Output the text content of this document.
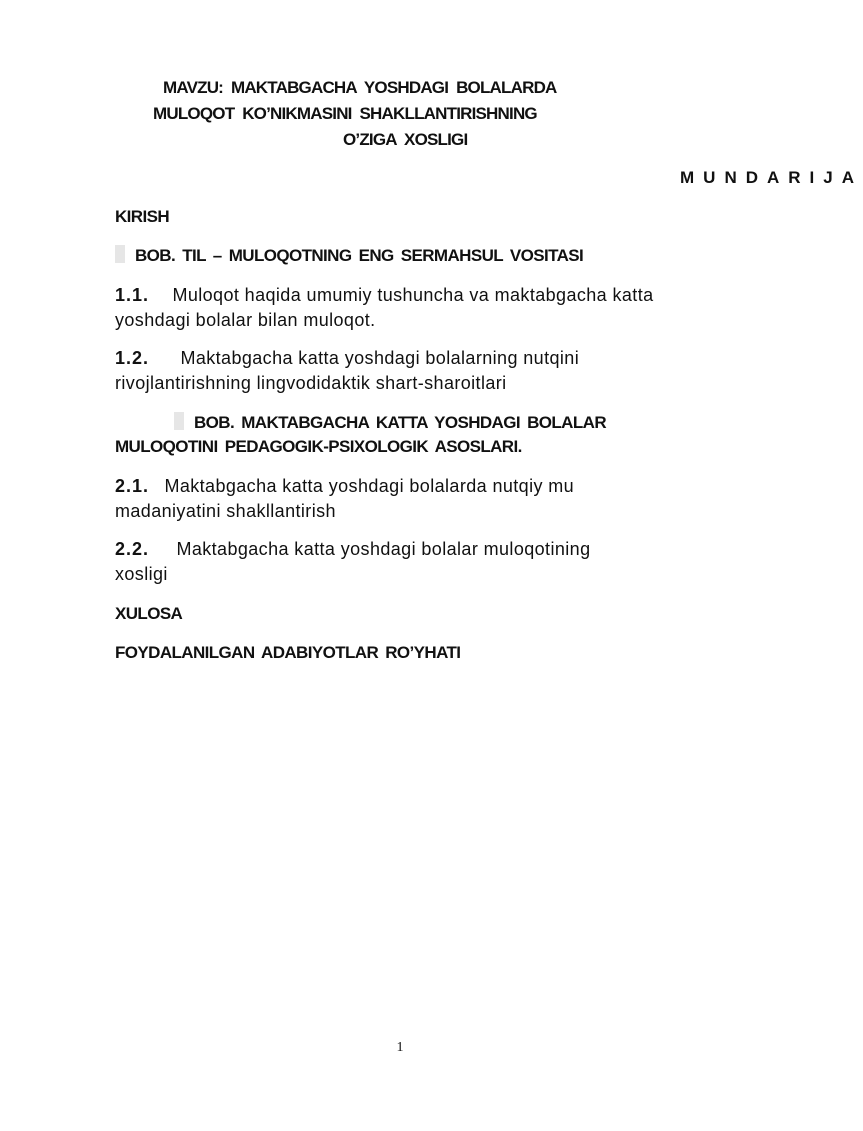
MAVZU: MAKTABGACHA YOSHDAGI BOLALARDA
MULOQOT KO’NIKMASINI SHAKLLANTIRISHNING
O’ZIGA XOSLIGI
MUNDARIJA
KIRISH
BOB. TIL – MULOQOTNING ENG SERMAHSUL VOSITASI
1.1. Muloqot haqida umumiy tushuncha va maktabgacha katta
yoshdagi bolalar bilan muloqot.
1.2. Maktabgacha katta yoshdagi bolalarning nutqini
rivojlantirishning lingvodidaktik shart-sharoitlari
BOB. MAKTABGACHA KATTA YOSHDAGI BOLALAR
MULOQOTINI PEDAGOGIK-PSIXOLOGIK ASOSLARI.
2.1. Maktabgacha katta yoshdagi bolalarda nutqiy mu
madaniyatini shakllantirish
2.2. Maktabgacha katta yoshdagi bolalar muloqotining
xosligi
XULOSA
FOYDALANILGAN ADABIYOTLAR RO’YHATI
1
